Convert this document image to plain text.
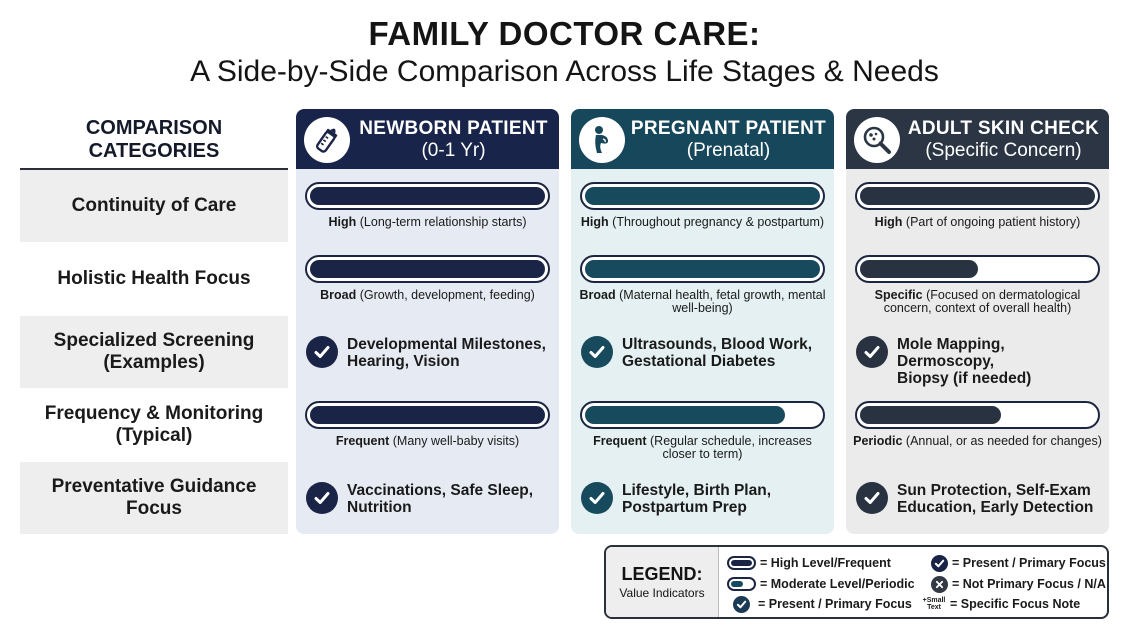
FAMILY DOCTOR CARE:
A Side-by-Side Comparison Across Life Stages & Needs
COMPARISON
CATEGORIES
Continuity of Care
Holistic Health Focus
Specialized Screening
(Examples)
Frequency & Monitoring
(Typical)
Preventative Guidance
Focus
NEWBORN PATIENT
(0-1 Yr)
High (Long-term relationship starts)
Broad (Growth, development, feeding)
Developmental Milestones,
Hearing, Vision
Frequent (Many well-baby visits)
Vaccinations, Safe Sleep,
Nutrition
PREGNANT PATIENT
(Prenatal)
High (Throughout pregnancy & postpartum)
Broad (Maternal health, fetal growth, mental well-being)
Ultrasounds, Blood Work,
Gestational Diabetes
Frequent (Regular schedule, increases closer to term)
Lifestyle, Birth Plan,
Postpartum Prep
ADULT SKIN CHECK
(Specific Concern)
High (Part of ongoing patient history)
Specific (Focused on dermatological concern, context of overall health)
Mole Mapping, Dermoscopy,
Biopsy (if needed)
Periodic (Annual, or as needed for changes)
Sun Protection, Self-Exam
Education, Early Detection
LEGEND:
Value Indicators
= High Level/Frequent
= Moderate Level/Periodic
= Present / Primary Focus
= Present / Primary Focus
= Not Primary Focus / N/A
+Small
Text = Specific Focus Note
